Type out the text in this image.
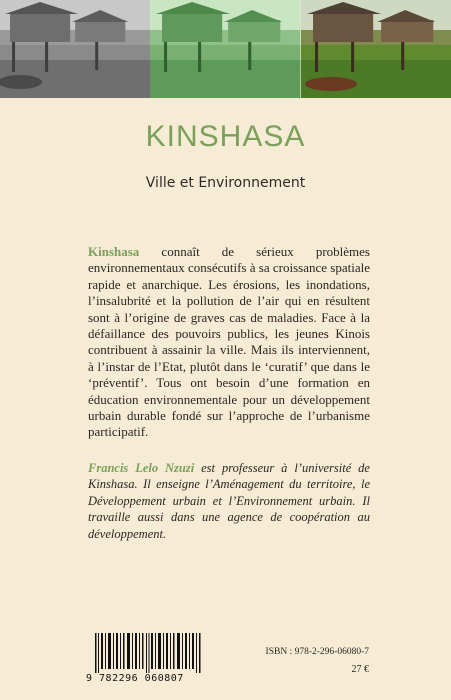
KINSHASA
Ville et Environnement
Kinshasa connaît de sérieux problèmes environnementaux consécutifs à sa croissance spatiale rapide et anarchique. Les érosions, les inondations, l’insalubrité et la pollution de l’air qui en résultent sont à l’origine de graves cas de maladies. Face à la défaillance des pouvoirs publics, les jeunes Kinois contribuent à assainir la ville. Mais ils interviennent, à l’instar de l’Etat, plutôt dans le ‘curatif’ que dans le ‘préventif’. Tous ont besoin d’une formation en éducation environnementale pour un développement urbain durable fondé sur l’approche de l’urbanisme participatif.
Francis Lelo Nzuzi est professeur à l’université de Kinshasa. Il enseigne l’Aménagement du territoire, le Développement urbain et l’Environnement urbain. Il travaille aussi dans une agence de coopération au développement.
9 782296 060807
ISBN : 978-2-296-06080-7
27 €
